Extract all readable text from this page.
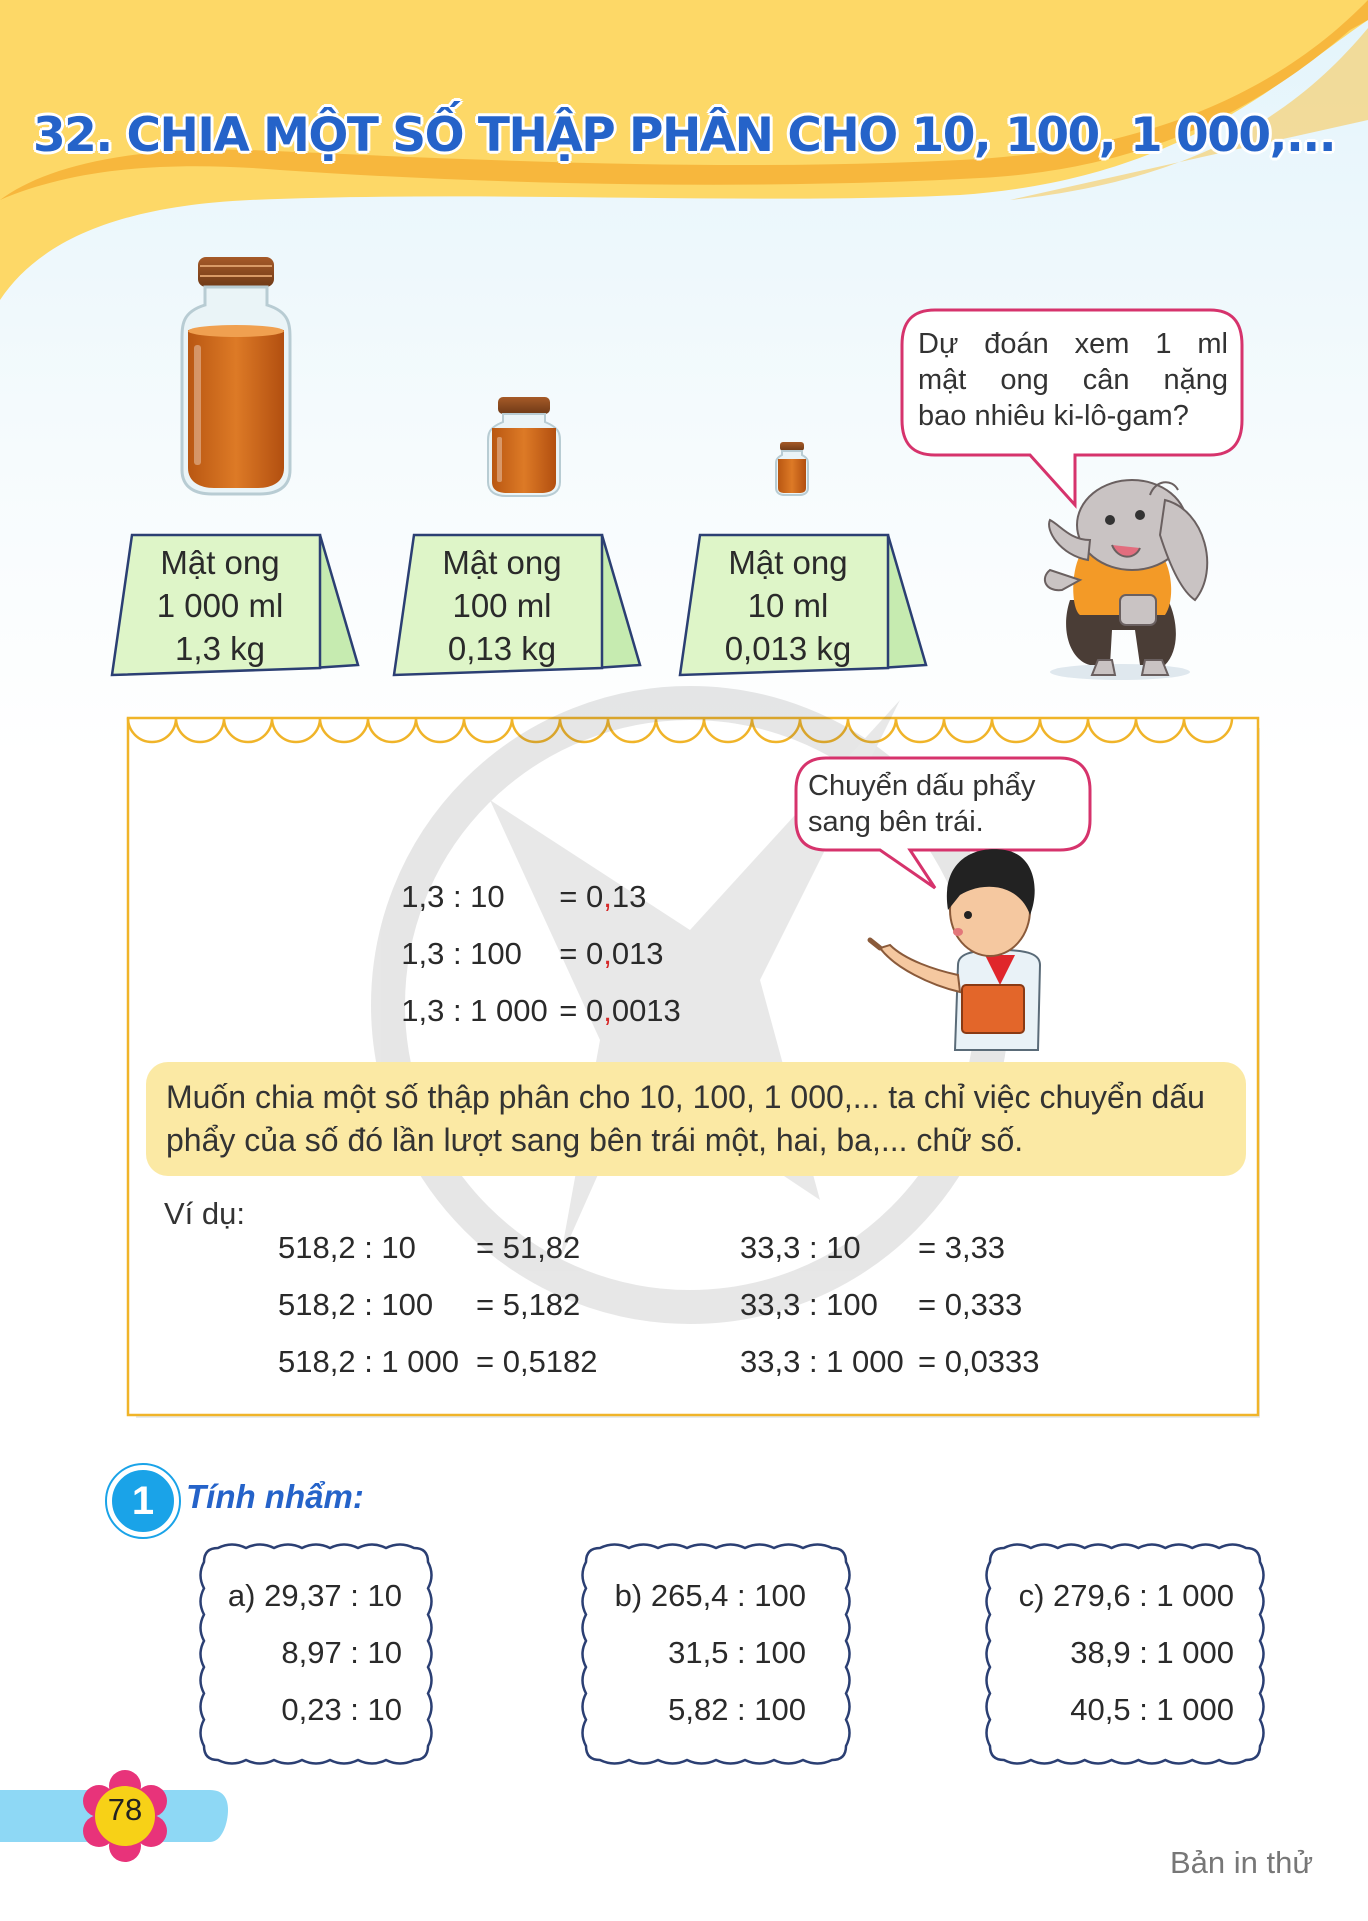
32. CHIA MỘT SỐ THẬP PHÂN CHO 10, 100, 1 000,...
Mật ong
1 000 ml
1,3 kg
Mật ong
100 ml
0,13 kg
Mật ong
10 ml
0,013 kg
Dự đoán xem 1 ml
mật ong cân nặng
bao nhiêu ki-lô-gam?
Chuyển dấu phẩy
sang bên trái.

1,3 : 10 = 0,13

1,3 : 100 = 0,013

1,3 : 1 000 = 0,0013

Muốn chia một số thập phân cho 10, 100, 1 000,... ta chỉ việc chuyển dấu phẩy của số đó lần lượt sang bên trái một, hai, ba,... chữ số.
Ví dụ:
518,2 : 10 = 51,82
518,2 : 100 = 5,182
518,2 : 1 000 = 0,5182
33,3 : 10 = 3,33
33,3 : 100 = 0,333
33,3 : 1 000 = 0,0333
1 Tính nhẩm:
a) 29,37 : 10
8,97 : 10
0,23 : 10
b) 265,4 : 100
31,5 : 100
5,82 : 100
c) 279,6 : 1 000
38,9 : 1 000
40,5 : 1 000
78
Bản in thử
